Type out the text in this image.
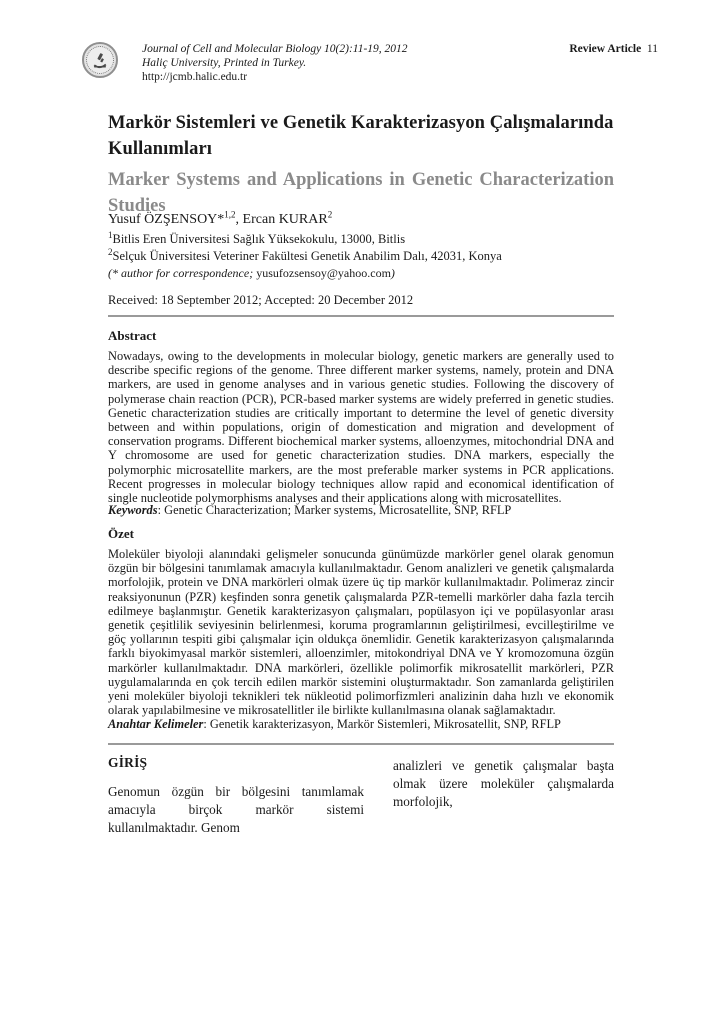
Journal of Cell and Molecular Biology 10(2):11-19, 2012
Haliç University, Printed in Turkey.
http://jcmb.halic.edu.tr
Review Article 11
Markör Sistemleri ve Genetik Karakterizasyon Çalışmalarında Kullanımları
Marker Systems and Applications in Genetic Characterization Studies
Yusuf ÖZŞENSOY*$^{1,2}$, Ercan KURAR$^2$
$^1$Bitlis Eren Üniversitesi Sağlık Yüksekokulu, 13000, Bitlis
$^2$Selçuk Üniversitesi Veteriner Fakültesi Genetik Anabilim Dalı, 42031, Konya
(* author for correspondence; yusufozsensoy@yahoo.com)
Received: 18 September 2012; Accepted: 20 December 2012
Abstract
Nowadays, owing to the developments in molecular biology, genetic markers are generally used to describe specific regions of the genome. Three different marker systems, namely, protein and DNA markers, are used in genome analyses and in various genetic studies. Following the discovery of polymerase chain reaction (PCR), PCR-based marker systems are widely preferred in genetic studies. Genetic characterization studies are critically important to determine the level of genetic diversity between and within populations, origin of domestication and migration and development of conservation programs. Different biochemical marker systems, alloenzymes, mitochondrial DNA and Y chromosome are used for genetic characterization studies. DNA markers, especially the polymorphic microsatellite markers, are the most preferable marker systems in PCR applications. Recent progresses in molecular biology techniques allow rapid and economical identification of single nucleotide polymorphisms analyses and their applications along with microsatellites.
Keywords: Genetic Characterization; Marker systems, Microsatellite, SNP, RFLP
Özet
Moleküler biyoloji alanındaki gelişmeler sonucunda günümüzde markörler genel olarak genomun özgün bir bölgesini tanımlamak amacıyla kullanılmaktadır. Genom analizleri ve genetik çalışmalarda morfolojik, protein ve DNA markörleri olmak üzere üç tip markör kullanılmaktadır. Polimeraz zincir reaksiyonunun (PZR) keşfinden sonra genetik çalışmalarda PZR-temelli markörler daha fazla tercih edilmeye başlanmıştır. Genetik karakterizasyon çalışmaları, popülasyon içi ve popülasyonlar arası genetik çeşitlilik seviyesinin belirlenmesi, koruma programlarının geliştirilmesi, evcilleştirilme ve göç yollarının tespiti gibi çalışmalar için oldukça önemlidir. Genetik karakterizasyon çalışmalarında farklı biyokimyasal markör sistemleri, alloenzimler, mitokondriyal DNA ve Y kromozomuna özgün markörler kullanılmaktadır. DNA markörleri, özellikle polimorfik mikrosatellit markörleri, PZR uygulamalarında en çok tercih edilen markör sistemini oluşturmaktadır. Son zamanlarda geliştirilen yeni moleküler biyoloji teknikleri tek nükleotid polimorfizmleri analizinin daha hızlı ve ekonomik olarak yapılabilmesine ve mikrosatellitler ile birlikte kullanılmasına olanak sağlamaktadır.
Anahtar Kelimeler: Genetik karakterizasyon, Markör Sistemleri, Mikrosatellit, SNP, RFLP
GİRİŞ
Genomun özgün bir bölgesini tanımlamak amacıyla birçok markör sistemi kullanılmaktadır. Genom
analizleri ve genetik çalışmalar başta olmak üzere moleküler çalışmalarda morfolojik,
